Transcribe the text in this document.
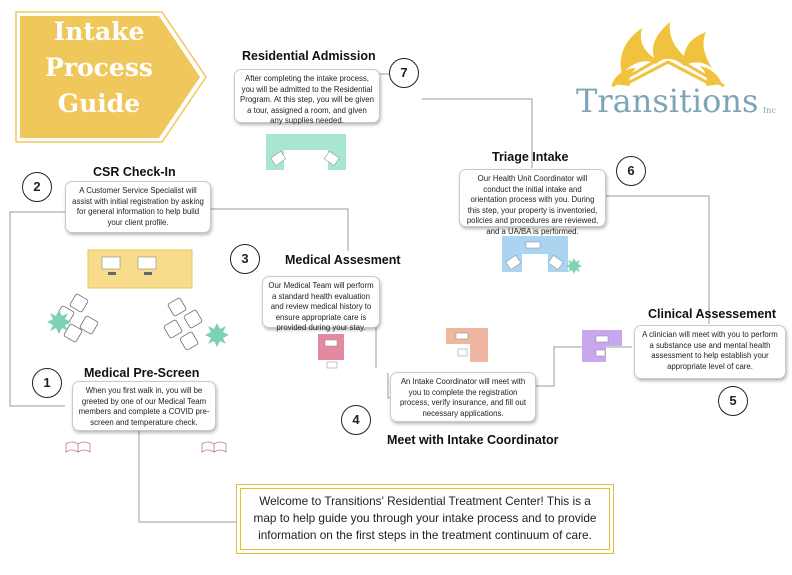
Intake
Process
Guide	Transitions Inc
1
Medical Pre-Screen
When you first walk in, you will be greeted by one of our Medical Team members and complete a COVID pre-screen and temperature check.
2
CSR Check-In
A Customer Service Specialist will assist with initial registration by asking for general information to help build your client profile.
3	Medical Assesment
Our Medical Team will perform a standard health evaluation and review medical history to ensure appropriate care is provided during your stay.
4
Meet with Intake Coordinator
An Intake Coordinator will meet with you to complete the registration process, verify insurance, and fill out necessary applications.
5
Clinical Assessement
A clinician will meet with you to perform a substance use and mental health assessment to help establish your appropriate level of care.
6
Triage Intake
Our Health Unit Coordinator will conduct the initial intake and orientation process with you. During this step, your property is inventoried, policies and procedures are reviewed, and a UA/BA is performed.
7
Residential Admission
After completing the intake process, you will be admitted to the Residential Program. At this step, you will be given a tour, assigned a room, and given any supplies needed.
Welcome to Transitions' Residential Treatment Center! This is a map to help guide you through your intake process and to provide information on the first steps in the treatment continuum of care.
